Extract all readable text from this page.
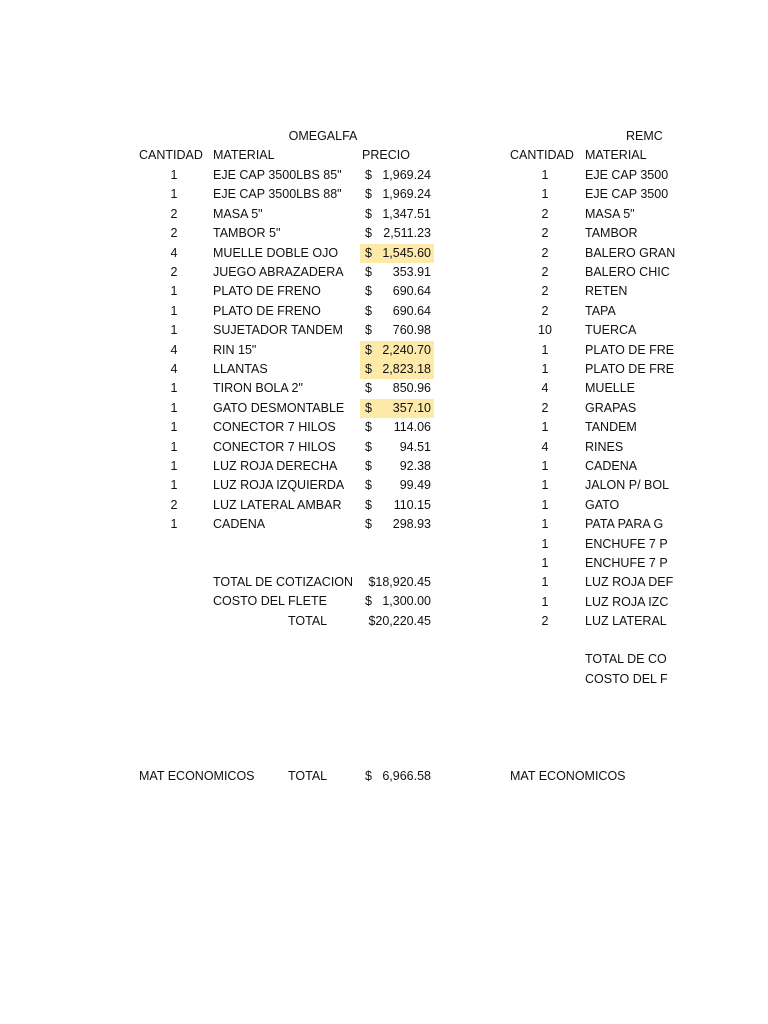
OMEGALFA
CANTIDAD MATERIAL	PRECIO
1	EJE CAP 3500LBS 85" $ 1,969.24
1	EJE CAP 3500LBS 88" $ 1,969.24
2	MASA 5"	$ 1,347.51
2	TAMBOR 5"	$ 2,511.23
4	MUELLE DOBLE OJO $ 1,545.60
2	JUEGO ABRAZADERA $ 353.91
1	PLATO DE FRENO	$ 690.64
1	PLATO DE FRENO	$ 690.64
1	SUJETADOR TANDEM $ 760.98
4	RIN 15"	$ 2,240.70
4	LLANTAS	$ 2,823.18
1	TIRON BOLA 2"	$ 850.96
1	GATO DESMONTABLE $ 357.10
1	CONECTOR 7 HILOS $ 114.06
1	CONECTOR 7 HILOS $ 94.51
1	LUZ ROJA DERECHA $ 92.38
1	LUZ ROJA IZQUIERDA $ 99.49
2	LUZ LATERAL AMBAR $ 110.15
1	CADENA	$ 298.93
TOTAL DE COTIZACION	$18,920.45
COSTO DEL FLETE	$ 1,300.00
TOTAL	$20,220.45
MAT ECONOMICOS	TOTAL	$ 6,966.58
REMC
CANTIDAD MATERIAL
1	EJE CAP 3500
1	EJE CAP 3500
2	MASA 5"
2	TAMBOR
2	BALERO GRAN
2	BALERO CHIC
2	RETEN
2	TAPA
10	TUERCA
1	PLATO DE FRE
1	PLATO DE FRE
4	MUELLE
2	GRAPAS
1	TANDEM
4	RINES
1	CADENA
1	JALON P/ BOL
1	GATO
1	PATA PARA G
1	ENCHUFE 7 P
1	ENCHUFE 7 P
1	LUZ ROJA DEF
1	LUZ ROJA IZC
2	LUZ LATERAL
TOTAL DE CO
COSTO DEL F
MAT ECONOMICOS
